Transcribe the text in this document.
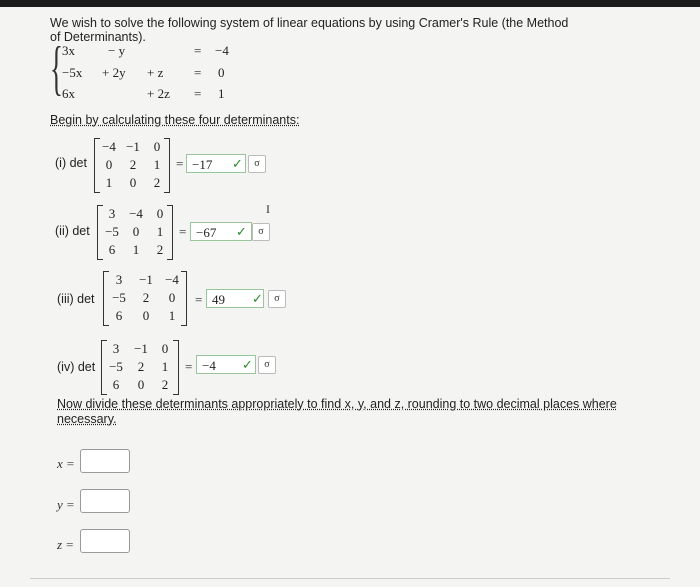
We wish to solve the following system of linear equations by using Cramer's Rule (the Method of Determinants).
{ 3x	− y	= −4
−5x + 2y + z = 0
6x	+ 2z = 1
Begin by calculating these four determinants:
(i) det
−4 −1	0
0	2	1
1	0	2
= −17	✓	σ
(ii) det
3	−4	0
−5	0	1
6	1	2
= −67	✓	σ
I
(iii) det
3	−1 −4
−5	2	0
6	0	1
= 49	✓	σ
(iv) det
3	−1	0
−5	2	1
6	0	2
= −4	✓	σ
Now divide these determinants appropriately to find x, y, and z, rounding to two decimal places where necessary.
x =
y =
z =
